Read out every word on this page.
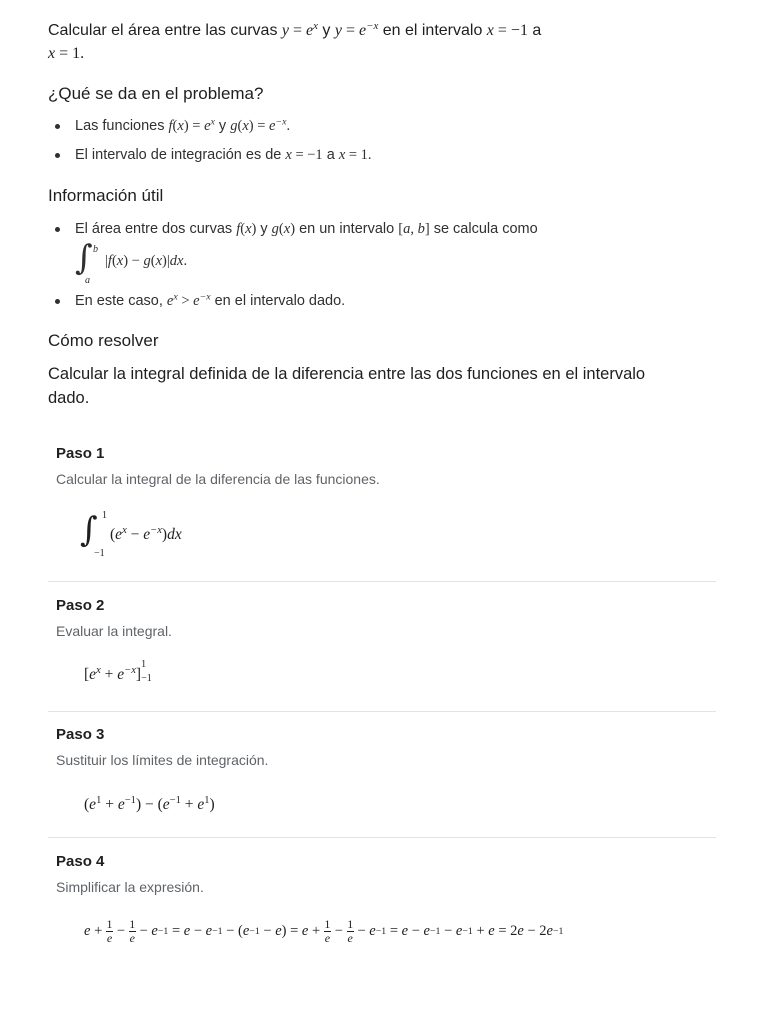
Calcular el área entre las curvas $y = e^x$ y $y = e^{-x}$ en el intervalo x = −1 a
x = 1.
¿Qué se da en el problema?
Las funciones $f(x) = e^x$ y $g(x) = e^{-x}$.
El intervalo de integración es de x = −1 a x = 1.
Información útil
El área entre dos curvas f(x) y g(x) en un intervalo [a, b] se calcula como
∫ b
a
|f(x) − g(x)|dx.
En este caso, $e^x > e^{-x}$ en el intervalo dado.
Cómo resolver
Calcular la integral definida de la diferencia entre las dos funciones en el intervalo dado.
Paso 1
Calcular la integral de la diferencia de las funciones.
∫ 1
−1
$(e^x - e^{-x})dx$
Paso 2
Evaluar la integral.
$[e^x + e^{-x}]$
1
−1
Paso 3
Sustituir los límites de integración.
$(e^1 + e^{-1}) - (e^{-1} + e^1)$
Paso 4
Simplificar la expresión.
e + 1
e − 1
e − e −1 = e − e −1 − ( e −1 − e ) = e + 1
e − 1
e − e −1 = e − e −1 − e −1 + e = 2 e − 2 e −1
